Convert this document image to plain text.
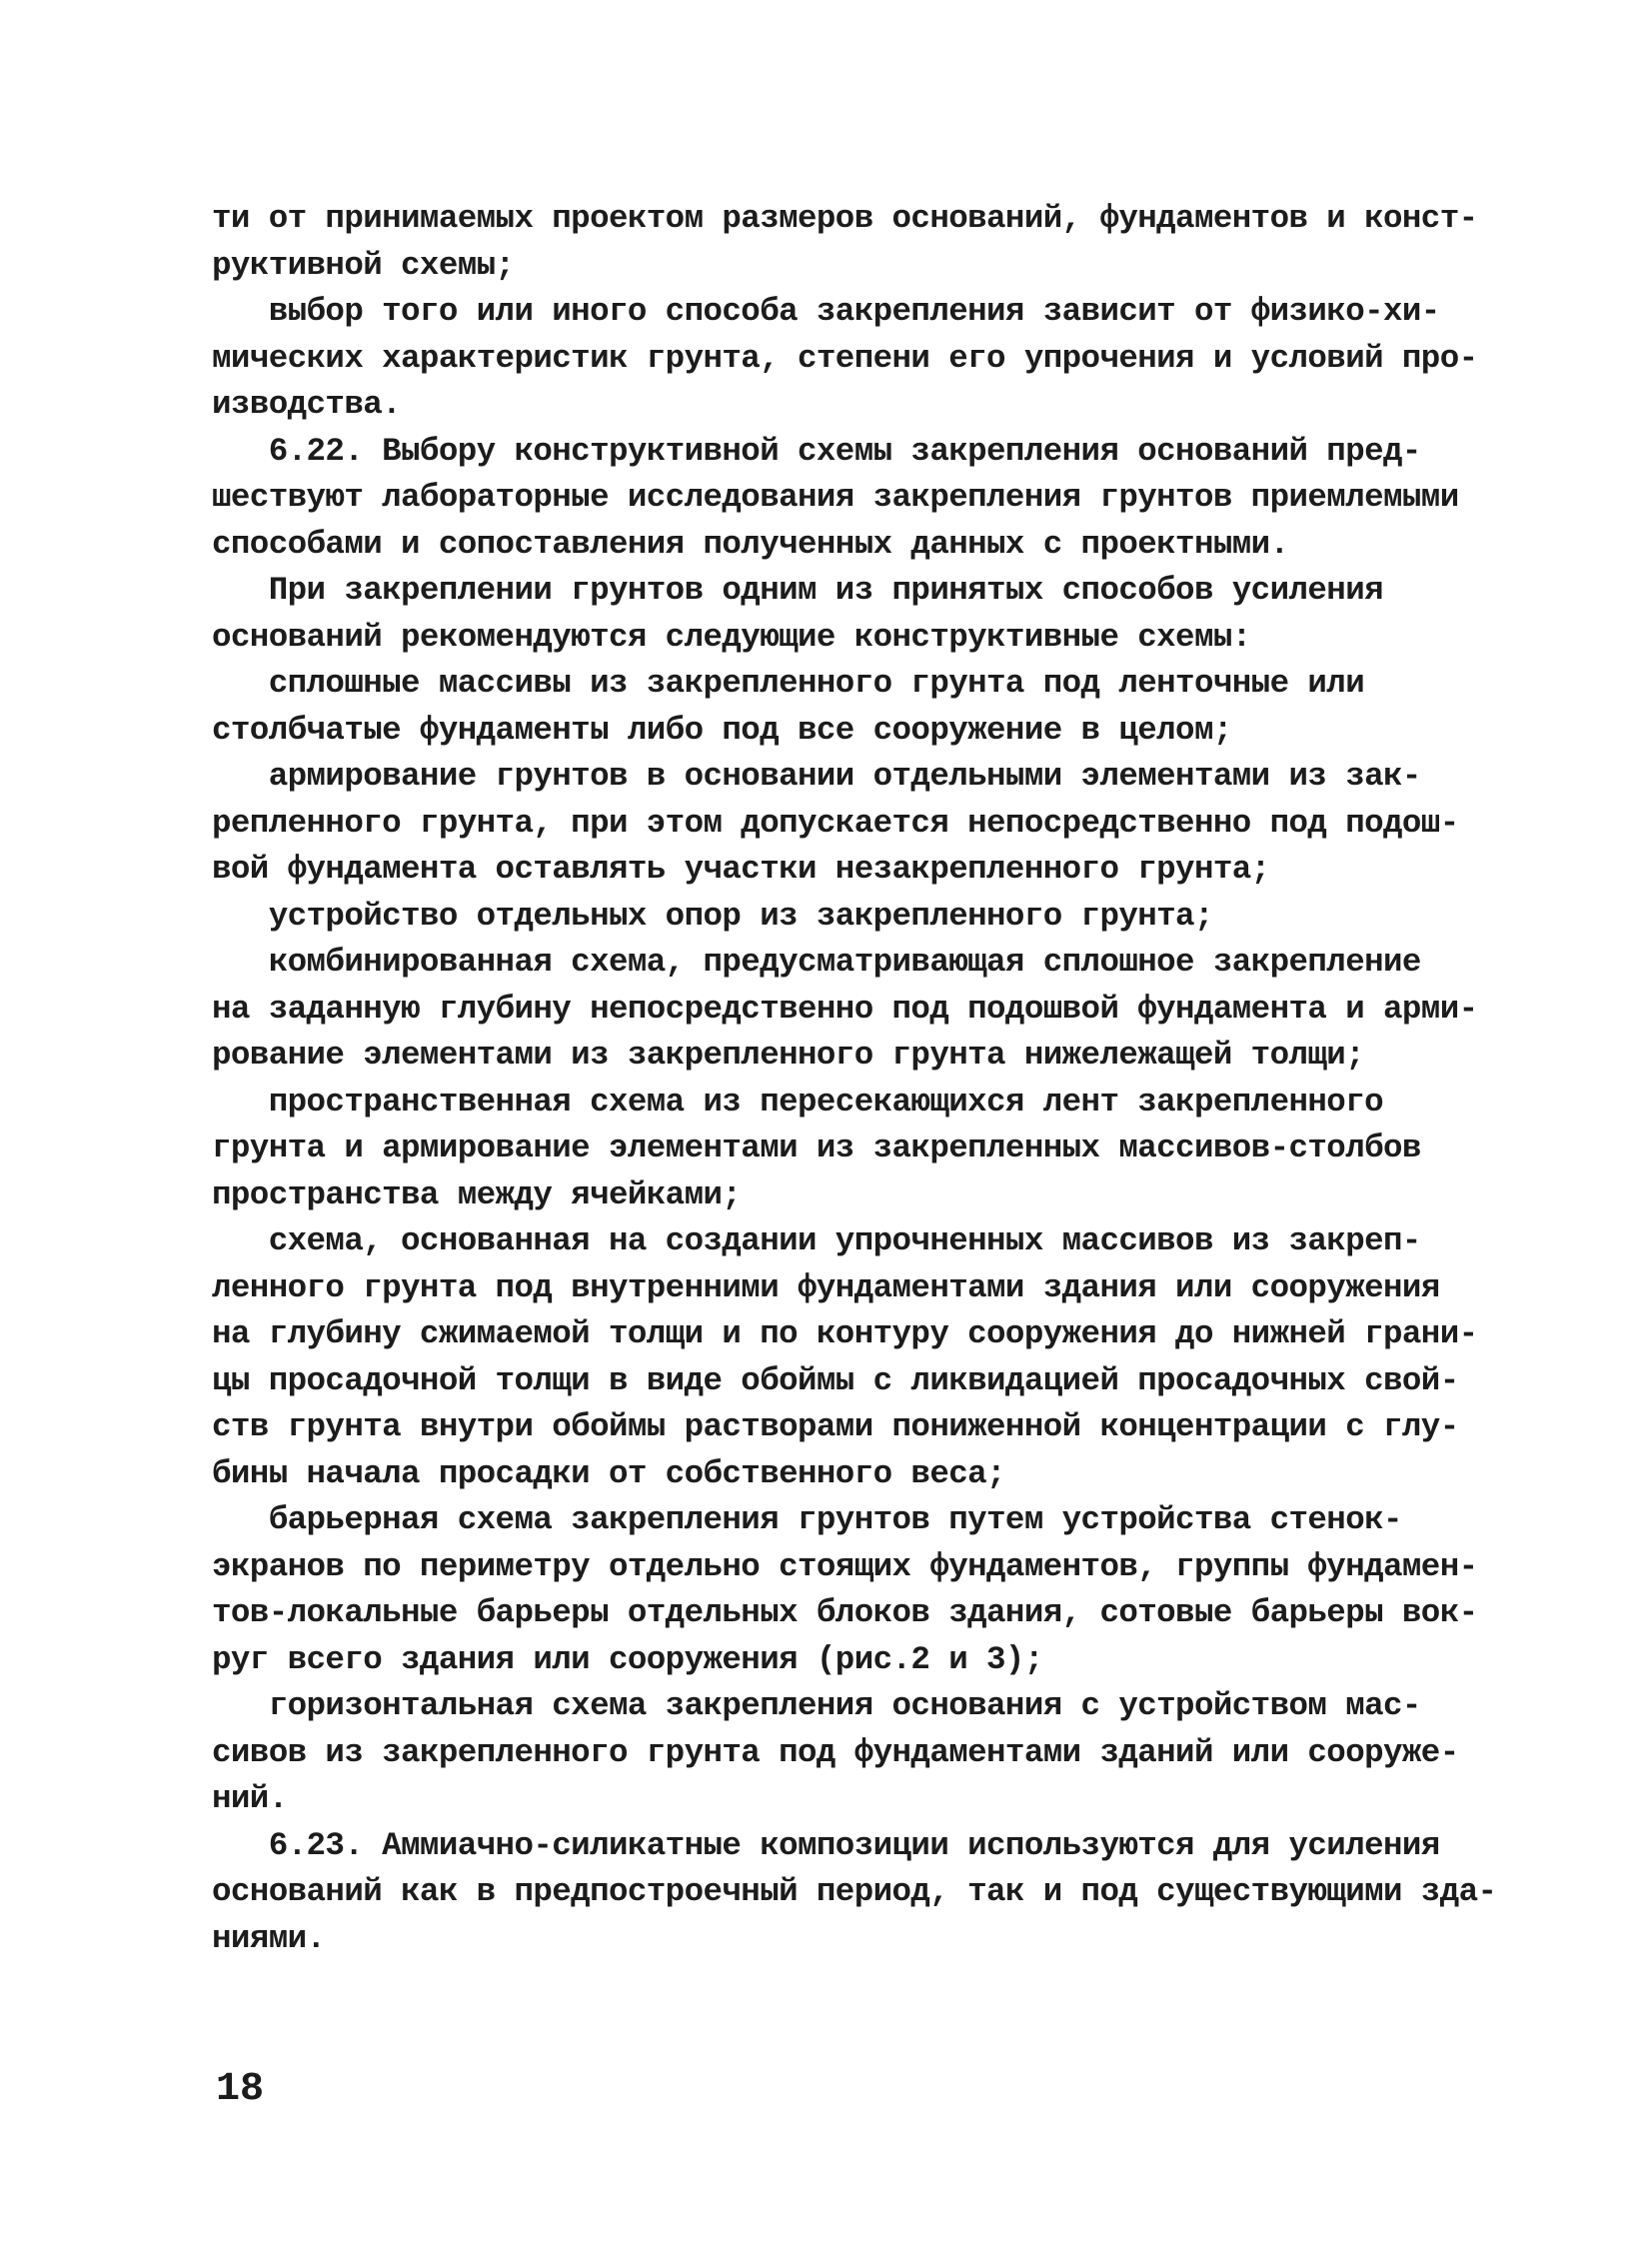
ти от принимаемых проектом размеров оснований, фундаментов и конст-
руктивной схемы;
выбор того или иного способа закрепления зависит от физико-хи-
мических характеристик грунта, степени его упрочения и условий про-
изводства.
6.22. Выбору конструктивной схемы закрепления оснований пред-
шествуют лабораторные исследования закрепления грунтов приемлемыми
способами и сопоставления полученных данных с проектными.
При закреплении грунтов одним из принятых способов усиления
оснований рекомендуются следующие конструктивные схемы:
сплошные массивы из закрепленного грунта под ленточные или
столбчатые фундаменты либо под все сооружение в целом;
армирование грунтов в основании отдельными элементами из зак-
репленного грунта, при этом допускается непосредственно под подош-
вой фундамента оставлять участки незакрепленного грунта;
устройство отдельных опор из закрепленного грунта;
комбинированная схема, предусматривающая сплошное закрепление
на заданную глубину непосредственно под подошвой фундамента и арми-
рование элементами из закрепленного грунта нижележащей толщи;
пространственная схема из пересекающихся лент закрепленного
грунта и армирование элементами из закрепленных массивов-столбов
пространства между ячейками;
схема, основанная на создании упрочненных массивов из закреп-
ленного грунта под внутренними фундаментами здания или сооружения
на глубину сжимаемой толщи и по контуру сооружения до нижней грани-
цы просадочной толщи в виде обоймы с ликвидацией просадочных свой-
ств грунта внутри обоймы растворами пониженной концентрации с глу-
бины начала просадки от собственного веса;
барьерная схема закрепления грунтов путем устройства стенок-
экранов по периметру отдельно стоящих фундаментов, группы фундамен-
тов-локальные барьеры отдельных блоков здания, сотовые барьеры вок-
руг всего здания или сооружения (рис.2 и 3);
горизонтальная схема закрепления основания с устройством мас-
сивов из закрепленного грунта под фундаментами зданий или сооруже-
ний.
6.23. Аммиачно-силикатные композиции используются для усиления
оснований как в предпостроечный период, так и под существующими зда-
ниями.
18
